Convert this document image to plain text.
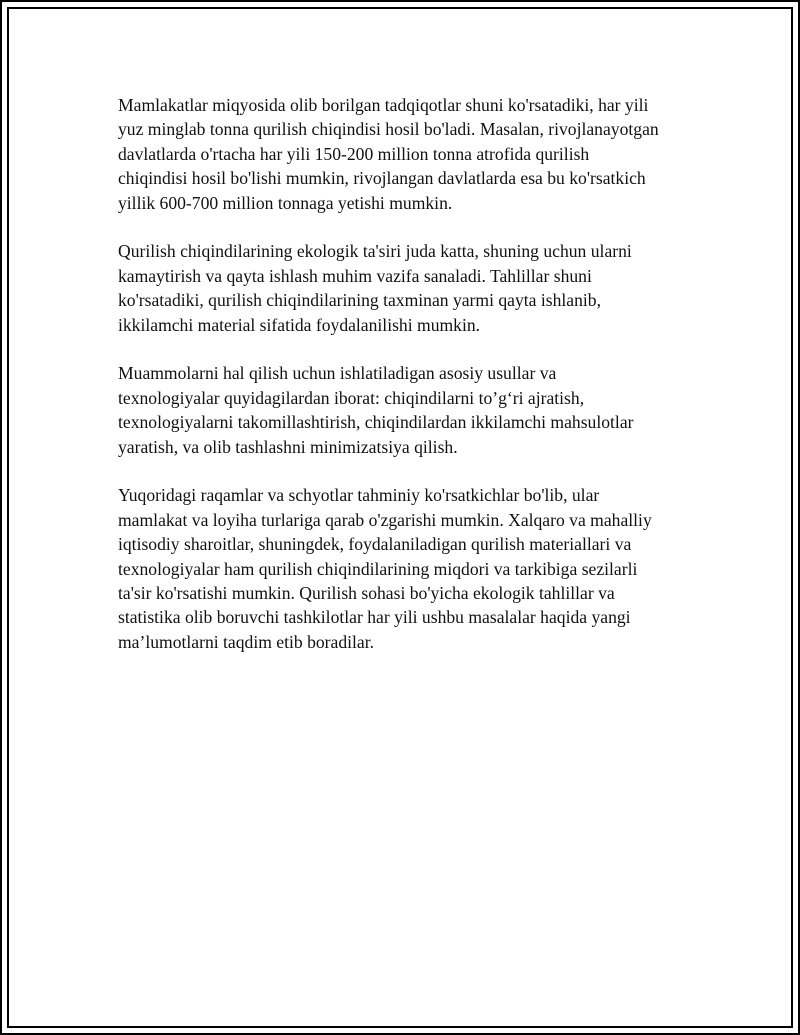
Mamlakatlar miqyosida olib borilgan tadqiqotlar shuni ko'rsatadiki, har yili
yuz minglab tonna qurilish chiqindisi hosil bo'ladi. Masalan, rivojlanayotgan
davlatlarda o'rtacha har yili 150-200 million tonna atrofida qurilish
chiqindisi hosil bo'lishi mumkin, rivojlangan davlatlarda esa bu ko'rsatkich
yillik 600-700 million tonnaga yetishi mumkin.

Qurilish chiqindilarining ekologik ta'siri juda katta, shuning uchun ularni
kamaytirish va qayta ishlash muhim vazifa sanaladi. Tahlillar shuni
ko'rsatadiki, qurilish chiqindilarining taxminan yarmi qayta ishlanib,
ikkilamchi material sifatida foydalanilishi mumkin.

Muammolarni hal qilish uchun ishlatiladigan asosiy usullar va
texnologiyalar quyidagilardan iborat: chiqindilarni to’g‘ri ajratish,
texnologiyalarni takomillashtirish, chiqindilardan ikkilamchi mahsulotlar
yaratish, va olib tashlashni minimizatsiya qilish.

Yuqoridagi raqamlar va schyotlar tahminiy ko'rsatkichlar bo'lib, ular
mamlakat va loyiha turlariga qarab o'zgarishi mumkin. Xalqaro va mahalliy
iqtisodiy sharoitlar, shuningdek, foydalaniladigan qurilish materiallari va
texnologiyalar ham qurilish chiqindilarining miqdori va tarkibiga sezilarli
ta'sir ko'rsatishi mumkin. Qurilish sohasi bo'yicha ekologik tahlillar va
statistika olib boruvchi tashkilotlar har yili ushbu masalalar haqida yangi
ma’lumotlarni taqdim etib boradilar.
